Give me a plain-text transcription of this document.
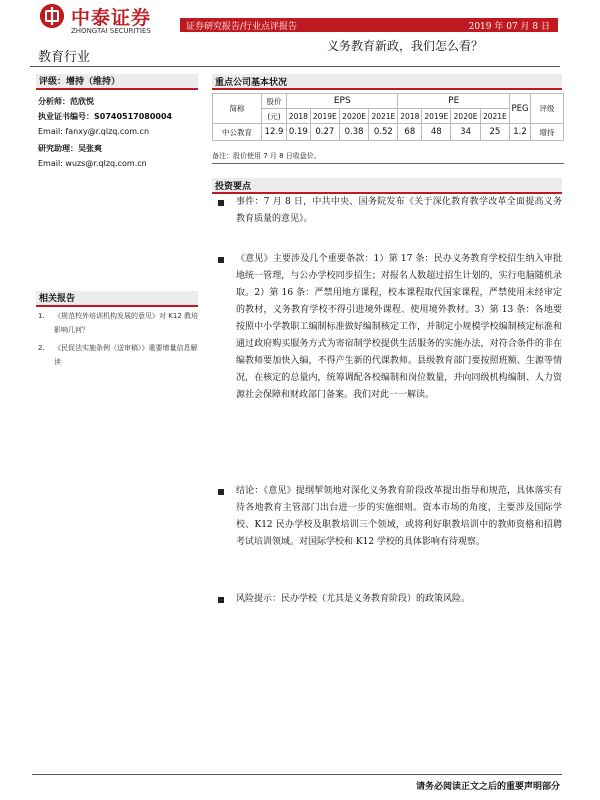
中泰证券
ZHONGTAI SECURITIES	证券研究报告/行业点评报告	2019 年 07 月 8 日
教育行业
义务教育新政，我们怎么看？
评级：增持（维持）
分析师：范欣悦
执业证书编号：S0740517080004
Email: fanxy@r.qlzq.com.cn
研究助理：吴张爽
Email: wuzs@r.qlzq.com.cn
相关报告
1.	《规范校外培训机构发展的意见》对 K12 教培影响几何？
2.	《民促法实施条例（送审稿）》重要增量信息解读
重点公司基本状况
简称	股价	EPS				PE				PEG	评级
	(元)	2018	2019E	2020E	2021E	2018	2019E	2020E	2021E		
中公教育	12.9	0.19	0.27	0.38	0.52	68	48	34	25	1.2	增持
备注：股价使用 7 月 8 日收盘价。
投资要点

事件：7 月 8 日，中共中央、国务院发布《关于深化教育教学改革全面提高义务教育质量的意见》。

《意见》主要涉及几个重要条款：1）第 17 条：民办义务教育学校招生纳入审批地统一管理，与公办学校同步招生；对报名人数超过招生计划的，实行电脑随机录取。2）第 16 条：严禁用地方课程，校本课程取代国家课程，严禁使用未经审定的教材，义务教育学校不得引进境外课程、使用境外教材。3）第 13 条：各地要按照中小学教职工编制标准做好编制核定工作，并制定小规模学校编制核定标准和通过政府购买服务方式为寄宿制学校提供生活服务的实施办法，对符合条件的非在编教师要加快入编，不得产生新的代课教师。县级教育部门要按照班额、生源等情况，在核定的总量内，统筹调配各校编制和岗位数量，并向同级机构编制、人力资源社会保障和财政部门备案。我们对此一一解读。

结论：《意见》提纲挈领地对深化义务教育阶段改革提出指导和规范，具体落实有待各地教育主管部门出台进一步的实施细则。资本市场的角度，主要涉及国际学校、K12 民办学校及职教培训三个领域，或将利好职教培训中的教师资格和招聘考试培训领域。对国际学校和 K12 学校的具体影响有待观察。

风险提示：民办学校（尤其是义务教育阶段）的政策风险。

请务必阅读正文之后的重要声明部分
